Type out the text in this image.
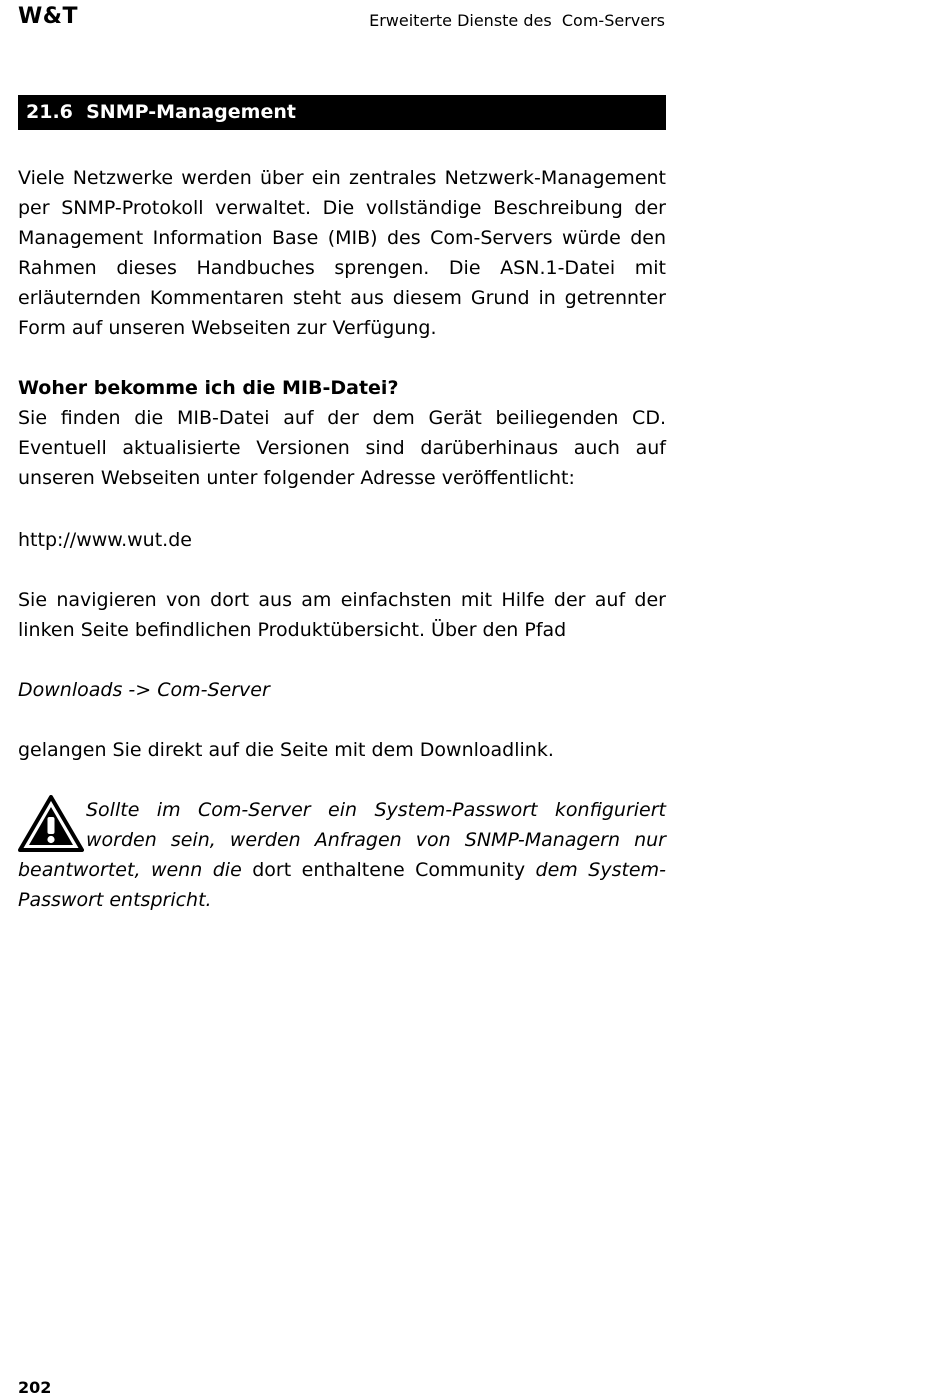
W&T	Erweiterte Dienste des  Com-Servers
21.6  SNMP-Management

Viele Netzwerke werden über ein zentrales Netzwerk-Management per SNMP-Protokoll verwaltet. Die vollständige Beschreibung der Management Information Base (MIB) des Com-Servers würde den Rahmen dieses Handbuches sprengen. Die ASN.1-Datei mit erläuternden Kommentaren steht aus diesem Grund in getrennter Form auf unseren Webseiten zur Verfügung.

Woher bekomme ich die MIB-Datei?

Sie finden die MIB-Datei auf der dem Gerät beiliegenden CD. Eventuell aktualisierte Versionen sind darüberhinaus auch auf unseren Webseiten unter folgender Adresse veröffentlicht:

http://www.wut.de

Sie navigieren von dort aus am einfachsten mit Hilfe der auf der linken Seite befindlichen Produktübersicht. Über den Pfad

Downloads -> Com-Server

gelangen Sie direkt auf die Seite mit dem Downloadlink.

Sollte im Com-Server ein System-Passwort konfiguriert worden sein, werden Anfragen von SNMP-Managern nur beantwortet, wenn die dort enthaltene Community dem System-Passwort entspricht.

202
